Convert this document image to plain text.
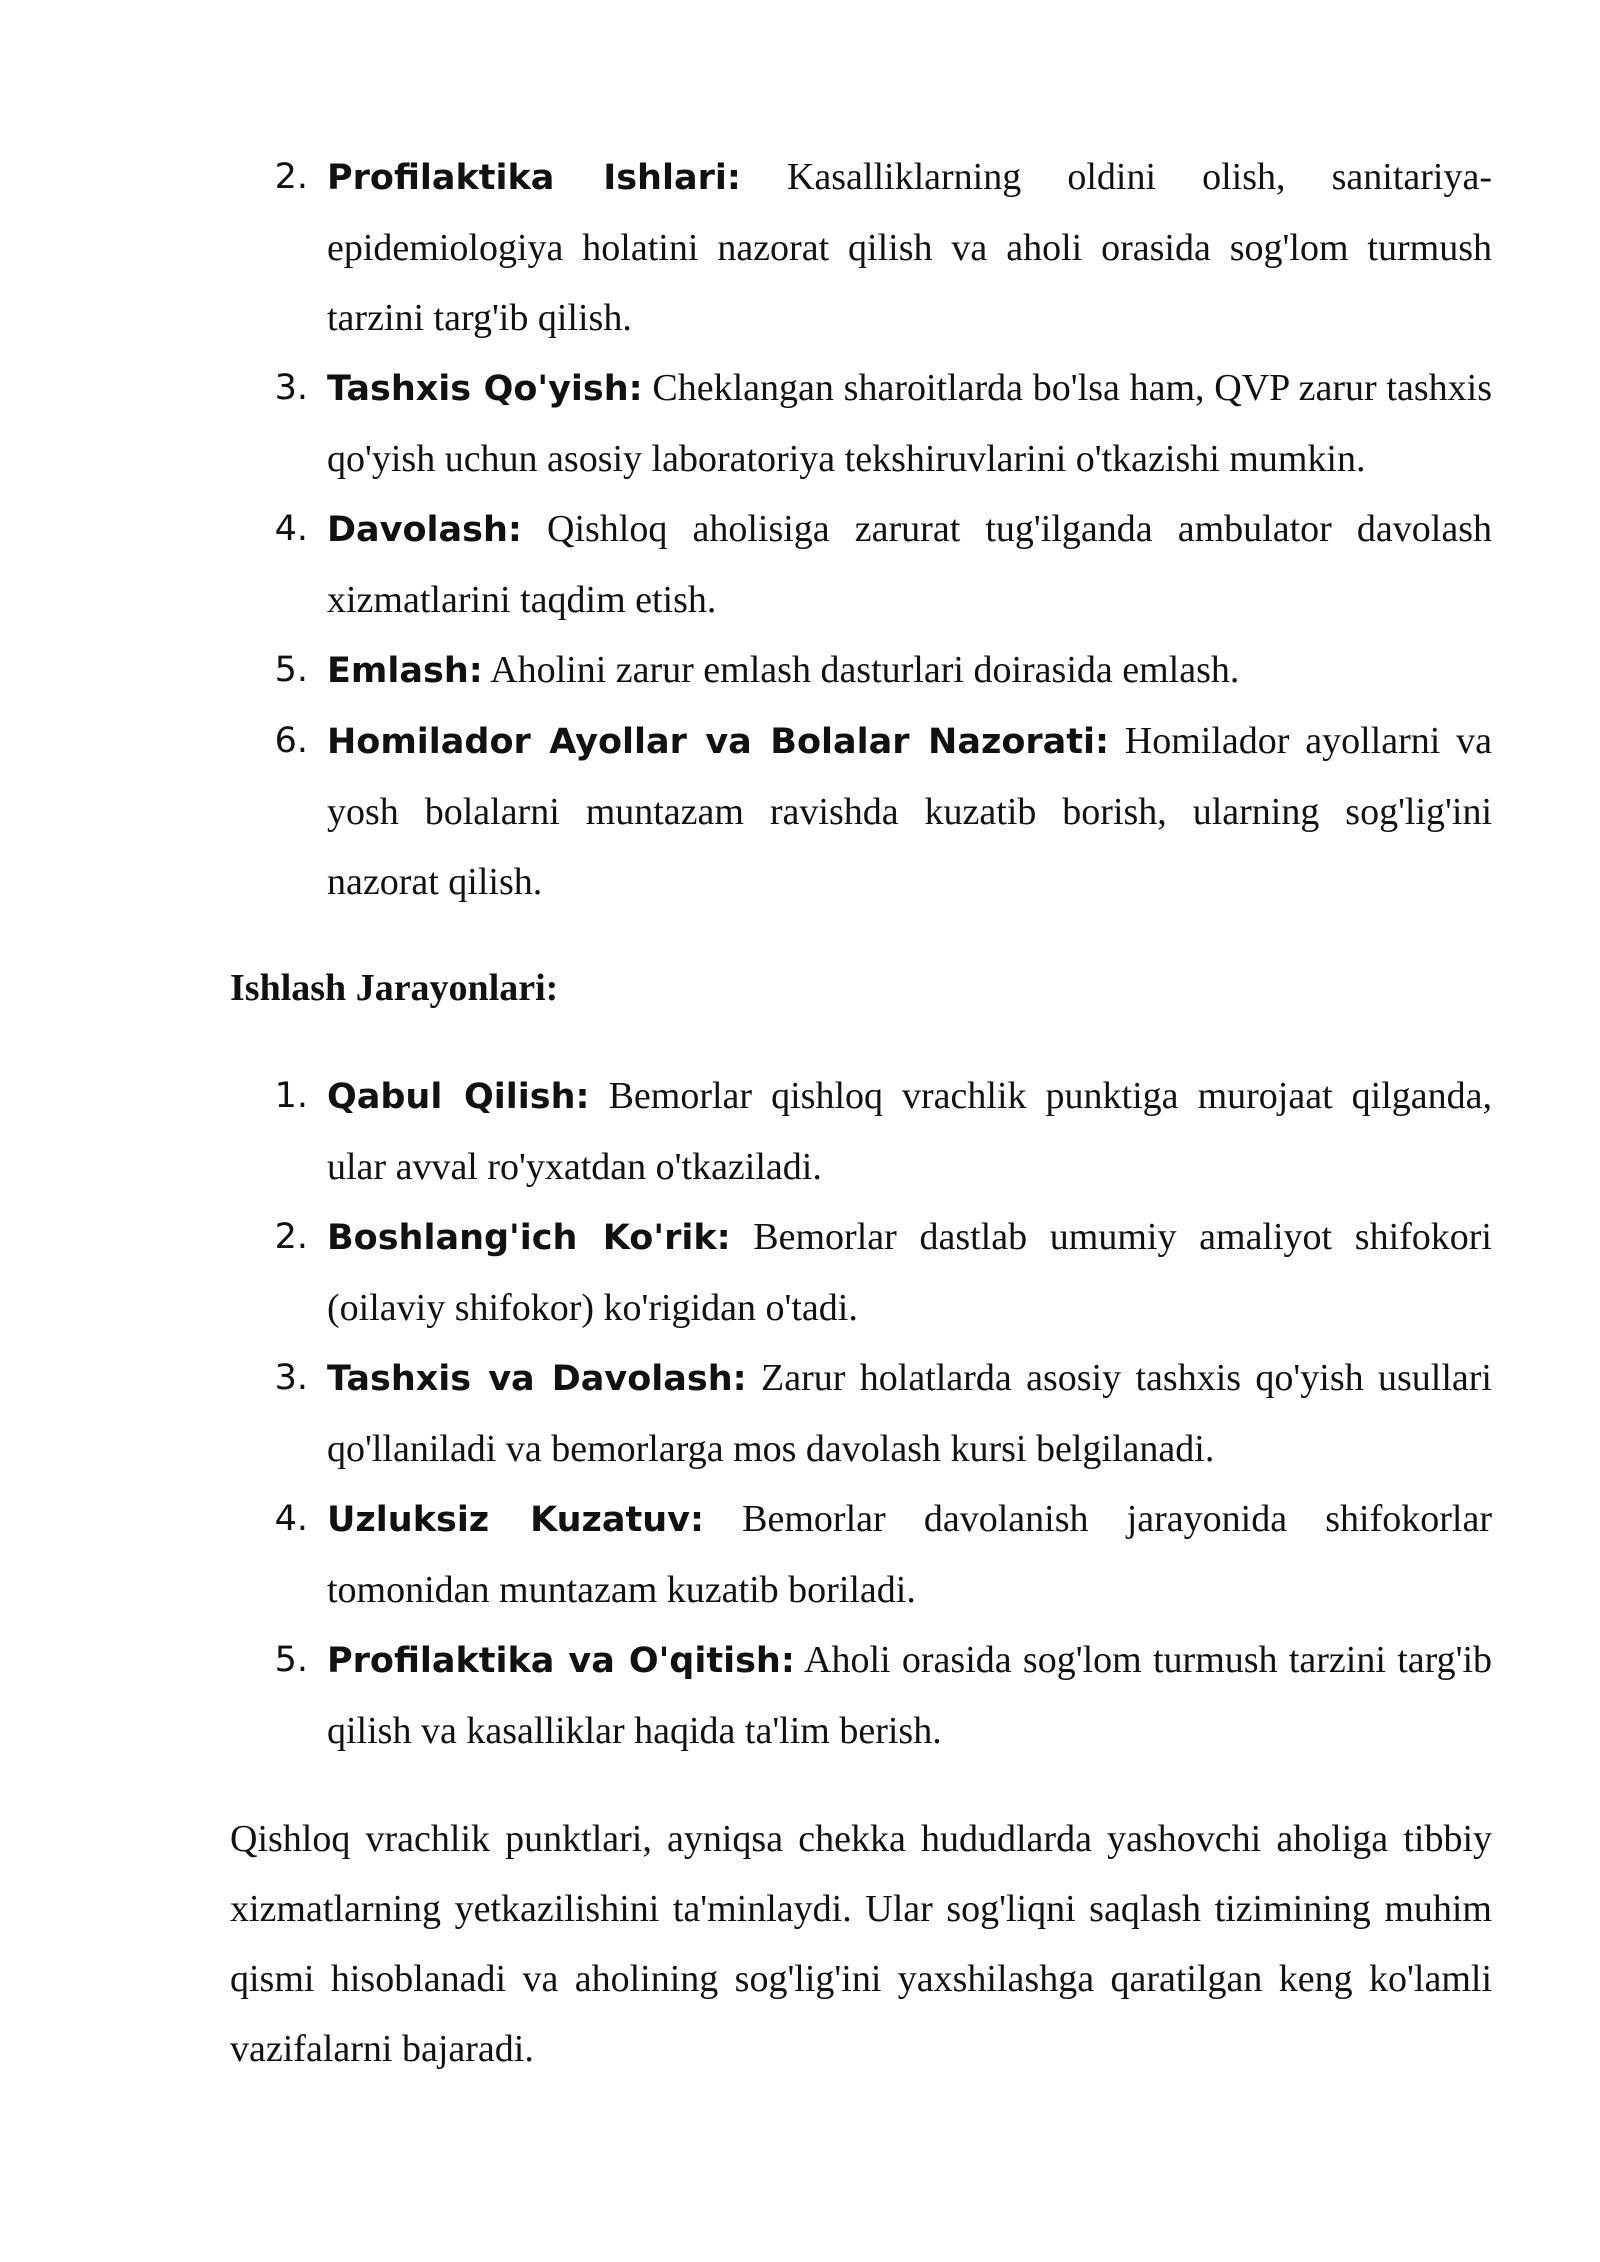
2. Profilaktika Ishlari: Kasalliklarning oldini olish, sanitariya-epidemiologiya holatini nazorat qilish va aholi orasida sog'lom turmush tarzini targ'ib qilish.
3. Tashxis Qo'yish: Cheklangan sharoitlarda bo'lsa ham, QVP zarur tashxis qo'yish uchun asosiy laboratoriya tekshiruvlarini o'tkazishi mumkin.
4. Davolash: Qishloq aholisiga zarurat tug'ilganda ambulator davolash xizmatlarini taqdim etish.
5. Emlash: Aholini zarur emlash dasturlari doirasida emlash.
6. Homilador Ayollar va Bolalar Nazorati: Homilador ayollarni va yosh bolalarni muntazam ravishda kuzatib borish, ularning sog'lig'ini nazorat qilish.
Ishlash Jarayonlari:
1. Qabul Qilish: Bemorlar qishloq vrachlik punktiga murojaat qilganda, ular avval ro'yxatdan o'tkaziladi.
2. Boshlang'ich Ko'rik: Bemorlar dastlab umumiy amaliyot shifokori (oilaviy shifokor) ko'rigidan o'tadi.
3. Tashxis va Davolash: Zarur holatlarda asosiy tashxis qo'yish usullari qo'llaniladi va bemorlarga mos davolash kursi belgilanadi.
4. Uzluksiz Kuzatuv: Bemorlar davolanish jarayonida shifokorlar tomonidan muntazam kuzatib boriladi.
5. Profilaktika va O'qitish: Aholi orasida sog'lom turmush tarzini targ'ib qilish va kasalliklar haqida ta'lim berish.

Qishloq vrachlik punktlari, ayniqsa chekka hududlarda yashovchi aholiga tibbiy xizmatlarning yetkazilishini ta'minlaydi. Ular sog'liqni saqlash tizimining muhim qismi hisoblanadi va aholining sog'lig'ini yaxshilashga qaratilgan keng ko'lamli vazifalarni bajaradi.
